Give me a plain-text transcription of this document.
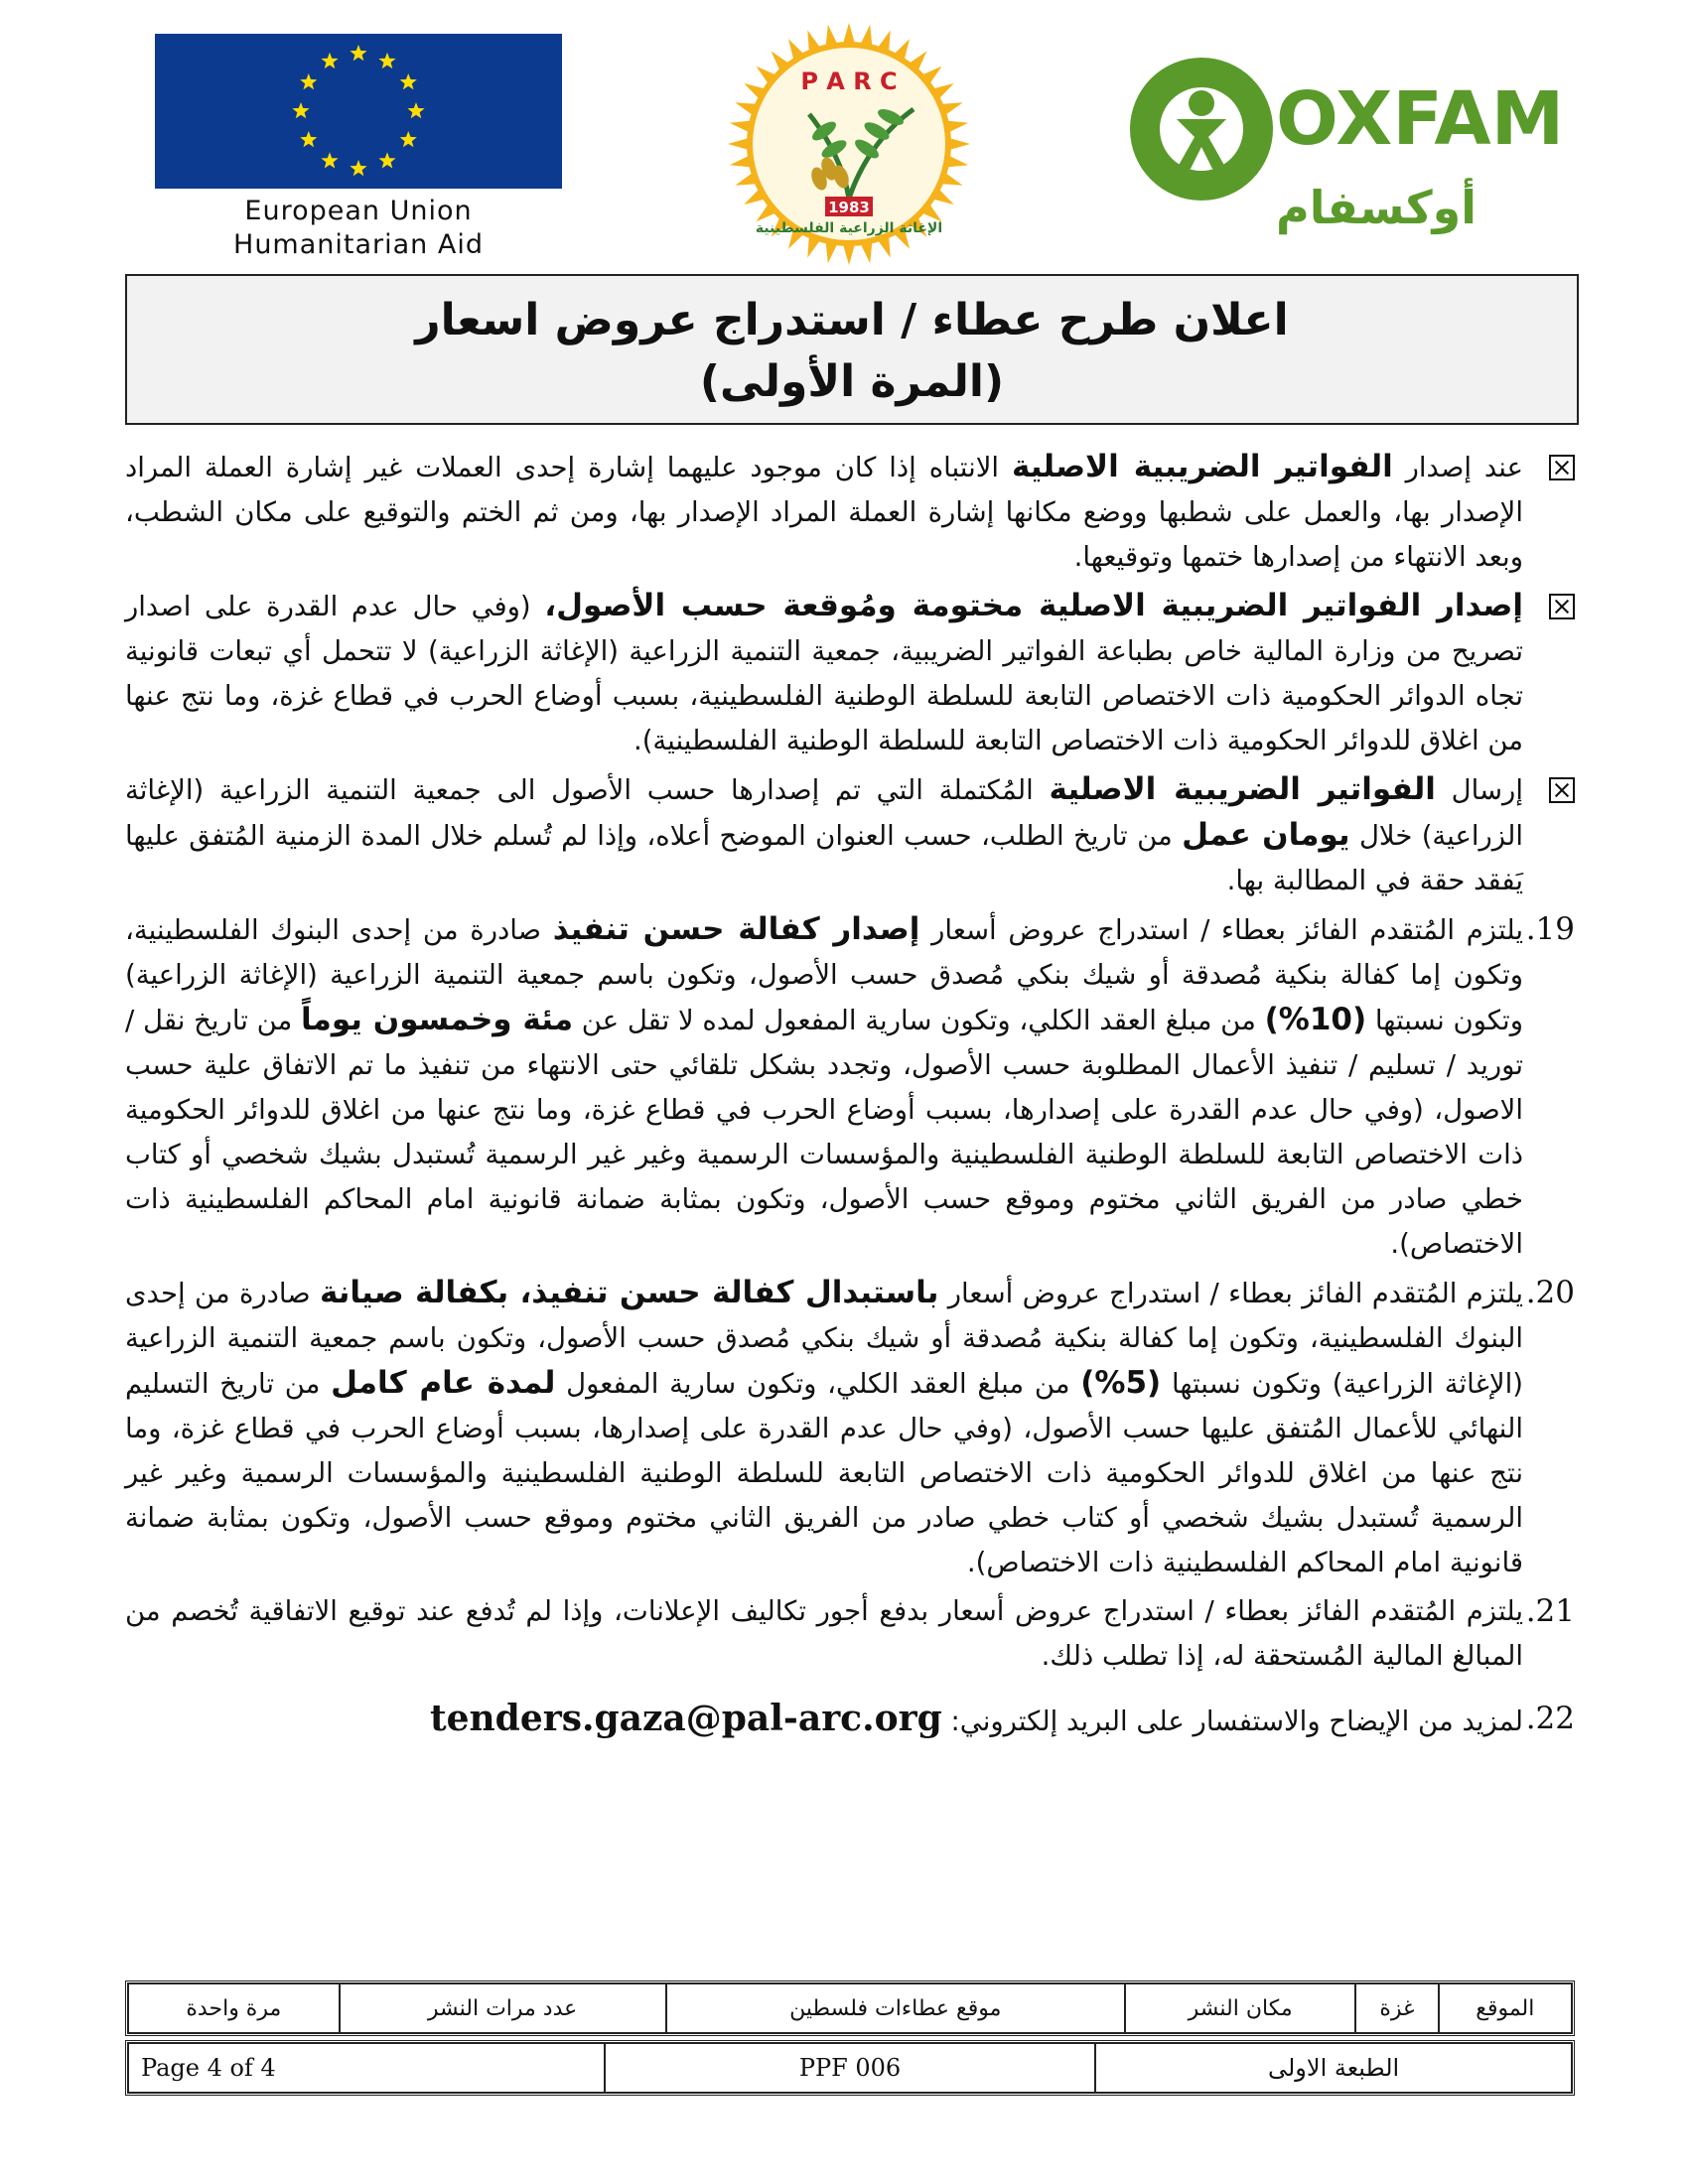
European Union
Humanitarian Aid
P A R C
1983
الإغاثة الزراعية الفلسطينية
OXFAM
أوكسفام
اعلان طرح عطاء / استدراج عروض اسعار
(المرة الأولى)
عند إصدار الفواتير الضريبية الاصلية الانتباه إذا كان موجود عليهما إشارة إحدى العملات غير إشارة العملة المراد الإصدار بها، والعمل على شطبها ووضع مكانها إشارة العملة المراد الإصدار بها، ومن ثم الختم والتوقيع على مكان الشطب، وبعد الانتهاء من إصدارها ختمها وتوقيعها.
إصدار الفواتير الضريبية الاصلية مختومة ومُوقعة حسب الأصول، (وفي حال عدم القدرة على اصدار تصريح من وزارة المالية خاص بطباعة الفواتير الضريبية، جمعية التنمية الزراعية (الإغاثة الزراعية) لا تتحمل أي تبعات قانونية تجاه الدوائر الحكومية ذات الاختصاص التابعة للسلطة الوطنية الفلسطينية، بسبب أوضاع الحرب في قطاع غزة، وما نتج عنها من اغلاق للدوائر الحكومية ذات الاختصاص التابعة للسلطة الوطنية الفلسطينية).
إرسال الفواتير الضريبية الاصلية المُكتملة التي تم إصدارها حسب الأصول الى جمعية التنمية الزراعية (الإغاثة الزراعية) خلال يومان عمل من تاريخ الطلب، حسب العنوان الموضح أعلاه، وإذا لم تُسلم خلال المدة الزمنية المُتفق عليها يَفقد حقة في المطالبة بها.
19.
يلتزم المُتقدم الفائز بعطاء / استدراج عروض أسعار إصدار كفالة حسن تنفيذ صادرة من إحدى البنوك الفلسطينية، وتكون إما كفالة بنكية مُصدقة أو شيك بنكي مُصدق حسب الأصول، وتكون باسم جمعية التنمية الزراعية (الإغاثة الزراعية) وتكون نسبتها (10%) من مبلغ العقد الكلي، وتكون سارية المفعول لمده لا تقل عن مئة وخمسون يوماً من تاريخ نقل / توريد / تسليم / تنفيذ الأعمال المطلوبة حسب الأصول، وتجدد بشكل تلقائي حتى الانتهاء من تنفيذ ما تم الاتفاق علية حسب الاصول، (وفي حال عدم القدرة على إصدارها، بسبب أوضاع الحرب في قطاع غزة، وما نتج عنها من اغلاق للدوائر الحكومية ذات الاختصاص التابعة للسلطة الوطنية الفلسطينية والمؤسسات الرسمية وغير غير الرسمية تُستبدل بشيك شخصي أو كتاب خطي صادر من الفريق الثاني مختوم وموقع حسب الأصول، وتكون بمثابة ضمانة قانونية امام المحاكم الفلسطينية ذات الاختصاص).
20.
يلتزم المُتقدم الفائز بعطاء / استدراج عروض أسعار باستبدال كفالة حسن تنفيذ، بكفالة صيانة صادرة من إحدى البنوك الفلسطينية، وتكون إما كفالة بنكية مُصدقة أو شيك بنكي مُصدق حسب الأصول، وتكون باسم جمعية التنمية الزراعية (الإغاثة الزراعية) وتكون نسبتها (5%) من مبلغ العقد الكلي، وتكون سارية المفعول لمدة عام كامل من تاريخ التسليم النهائي للأعمال المُتفق عليها حسب الأصول، (وفي حال عدم القدرة على إصدارها، بسبب أوضاع الحرب في قطاع غزة، وما نتج عنها من اغلاق للدوائر الحكومية ذات الاختصاص التابعة للسلطة الوطنية الفلسطينية والمؤسسات الرسمية وغير غير الرسمية تُستبدل بشيك شخصي أو كتاب خطي صادر من الفريق الثاني مختوم وموقع حسب الأصول، وتكون بمثابة ضمانة قانونية امام المحاكم الفلسطينية ذات الاختصاص).
21.
يلتزم المُتقدم الفائز بعطاء / استدراج عروض أسعار بدفع أجور تكاليف الإعلانات، وإذا لم تُدفع عند توقيع الاتفاقية تُخصم من المبالغ المالية المُستحقة له، إذا تطلب ذلك.
22.
لمزيد من الإيضاح والاستفسار على البريد إلكتروني: tenders.gaza@pal-arc.org
الموقع	غزة	مكان النشر	موقع عطاءات فلسطين	عدد مرات النشر	مرة واحدة
الطبعة الاولى	PPF 006	Page 4 of 4
